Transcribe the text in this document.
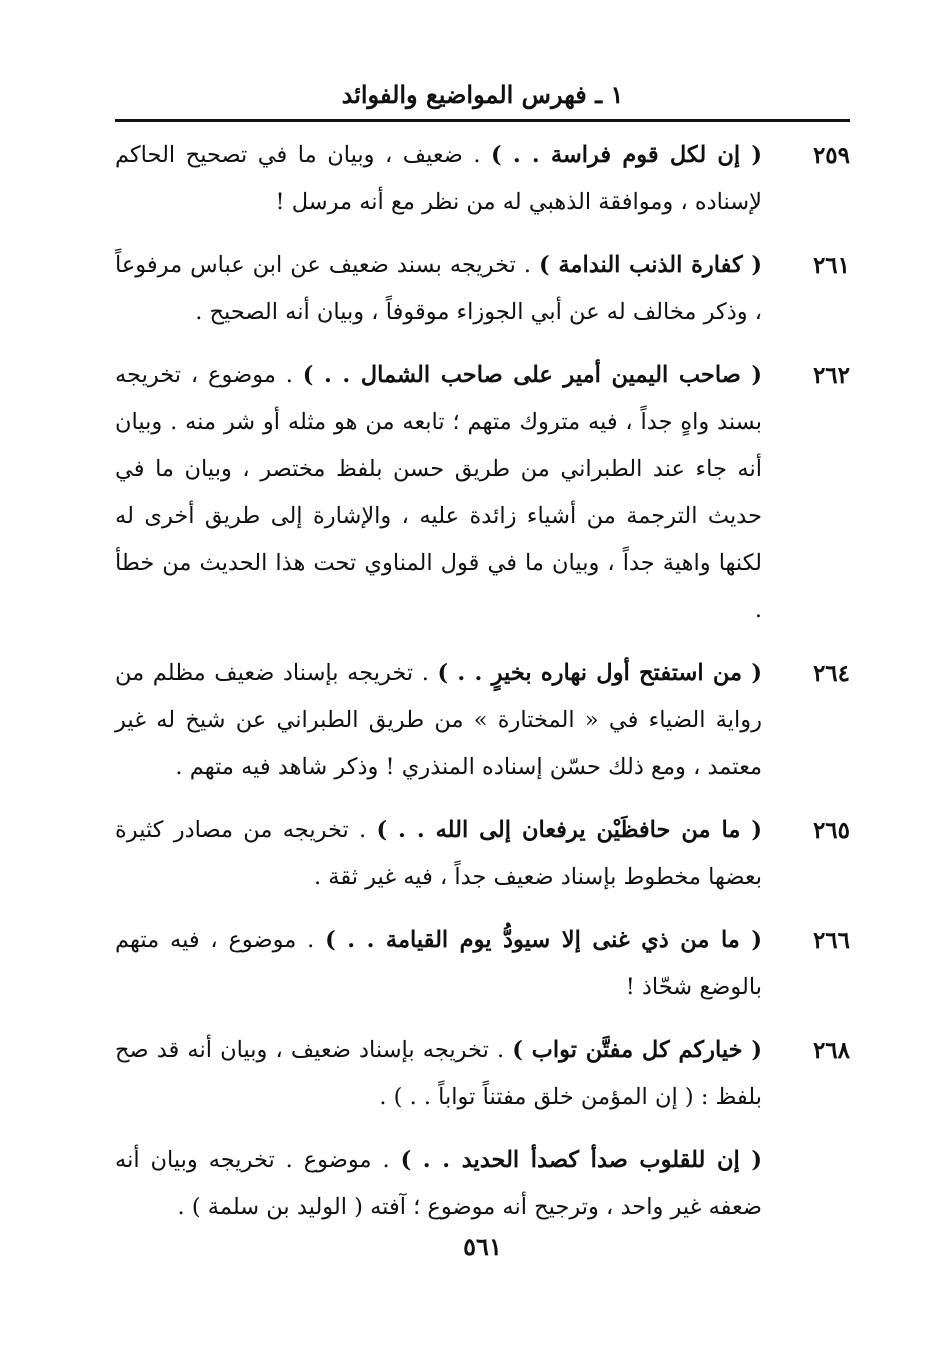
١ ـ فهرس المواضيع والفوائد
٢٥٩
( إن لكل قوم فراسة . . ) . ضعيف ، وبيان ما في تصحيح الحاكم لإسناده ، وموافقة الذهبي له من نظر مع أنه مرسل !
٢٦١
( كفارة الذنب الندامة ) . تخريجه بسند ضعيف عن ابن عباس مرفوعاً ، وذكر مخالف له عن أبي الجوزاء موقوفاً ، وبيان أنه الصحيح .
٢٦٢
( صاحب اليمين أمير على صاحب الشمال . . ) . موضوع ، تخريجه بسند واهٍ جداً ، فيه متروك متهم ؛ تابعه من هو مثله أو شر منه . وبيان أنه جاء عند الطبراني من طريق حسن بلفظ مختصر ، وبيان ما في حديث الترجمة من أشياء زائدة عليه ، والإشارة إلى طريق أخرى له لكنها واهية جداً ، وبيان ما في قول المناوي تحت هذا الحديث من خطأ .
٢٦٤
( من استفتح أول نهاره بخيرٍ . . ) . تخريجه بإسناد ضعيف مظلم من رواية الضياء في « المختارة » من طريق الطبراني عن شيخ له غير معتمد ، ومع ذلك حسّن إسناده المنذري ! وذكر شاهد فيه متهم .
٢٦٥
( ما من حافظَيْن يرفعان إلى الله . . ) . تخريجه من مصادر كثيرة بعضها مخطوط بإسناد ضعيف جداً ، فيه غير ثقة .
٢٦٦
( ما من ذي غنى إلا سيودُّ يوم القيامة . . ) . موضوع ، فيه متهم بالوضع شحّاذ !
٢٦٨
( خياركم كل مفتَّن تواب ) . تخريجه بإسناد ضعيف ، وبيان أنه قد صح بلفظ : ( إن المؤمن خلق مفتناً تواباً . . ) .
( إن للقلوب صدأ كصدأ الحديد . . ) . موضوع . تخريجه وبيان أنه ضعفه غير واحد ، وترجيح أنه موضوع ؛ آفته ( الوليد بن سلمة ) .
٥٦١
